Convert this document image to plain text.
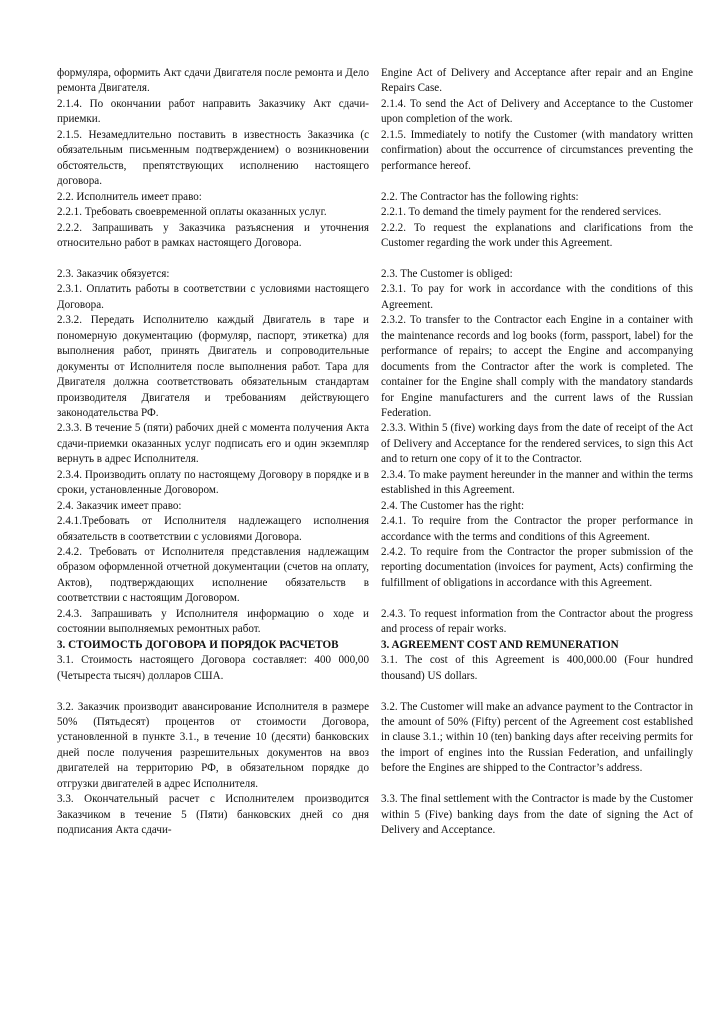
формуляра, оформить Акт сдачи Двигателя после ремонта и Дело ремонта Двигателя.

Engine Act of Delivery and Acceptance after repair and an Engine Repairs Case.

2.1.4. По окончании работ направить Заказчику Акт сдачи-приемки.

2.1.4. To send the Act of Delivery and Acceptance to the Customer upon completion of the work.

2.1.5. Незамедлительно поставить в известность Заказчика (с обязательным письменным подтверждением) о возникновении обстоятельств, препятствующих исполнению настоящего договора.

2.1.5. Immediately to notify the Customer (with mandatory written confirmation) about the occurrence of circumstances preventing the performance hereof.

2.2. Исполнитель имеет право:	2.2. The Contractor has the following rights:

2.2.1. Требовать своевременной оплаты оказанных услуг.	2.2.1. To demand the timely payment for the rendered services.

2.2.2. Запрашивать у Заказчика разъяснения и уточнения относительно работ в рамках настоящего Договора.

2.2.2. To request the explanations and clarifications from the Customer regarding the work under this Agreement.

2.3. Заказчик обязуется:	2.3. The Customer is obliged:

2.3.1. Оплатить работы в соответствии с условиями настоящего Договора.

2.3.1. To pay for work in accordance with the conditions of this Agreement.

2.3.2. Передать Исполнителю каждый Двигатель в таре и пономерную документацию (формуляр, паспорт, этикетка) для выполнения работ, принять Двигатель и сопроводительные документы от Исполнителя после выполнения работ. Тара для Двигателя должна соответствовать обязательным стандартам производителя Двигателя и требованиям действующего законодательства РФ.

2.3.2. To transfer to the Contractor each Engine in a container with the maintenance records and log books (form, passport, label) for the performance of repairs; to accept the Engine and accompanying documents from the Contractor after the work is completed. The container for the Engine shall comply with the mandatory standards for Engine manufacturers and the current laws of the Russian Federation.

2.3.3. В течение 5 (пяти) рабочих дней с момента получения Акта сдачи-приемки оказанных услуг подписать его и один экземпляр вернуть в адрес Исполнителя.

2.3.3. Within 5 (five) working days from the date of receipt of the Act of Delivery and Acceptance for the rendered services, to sign this Act and to return one copy of it to the Contractor.

2.3.4. Производить оплату по настоящему Договору в порядке и в сроки, установленные Договором.

2.3.4. To make payment hereunder in the manner and within the terms established in this Agreement.

2.4. Заказчик имеет право:	2.4. The Customer has the right:

2.4.1.Требовать от Исполнителя надлежащего исполнения обязательств в соответствии с условиями Договора.

2.4.1. To require from the Contractor the proper performance in accordance with the terms and conditions of this Agreement.

2.4.2. Требовать от Исполнителя представления надлежащим образом оформленной отчетной документации (счетов на оплату, Актов), подтверждающих исполнение обязательств в соответствии с настоящим Договором.

2.4.2. To require from the Contractor the proper submission of the reporting documentation (invoices for payment, Acts) confirming the fulfillment of obligations in accordance with this Agreement.

2.4.3. Запрашивать у Исполнителя информацию о ходе и состоянии выполняемых ремонтных работ.

2.4.3. To request information from the Contractor about the progress and process of repair works.

3. СТОИМОСТЬ ДОГОВОРА И ПОРЯДОК РАСЧЕТОВ	3. AGREEMENT COST AND REMUNERATION

3.1. Стоимость настоящего Договора составляет: 400 000,00 (Четыреста тысяч) долларов США.

3.1. The cost of this Agreement is 400,000.00 (Four hundred thousand) US dollars.

3.2. Заказчик производит авансирование Исполнителя в размере 50% (Пятьдесят) процентов от стоимости Договора, установленной в пункте 3.1., в течение 10 (десяти) банковских дней после получения разрешительных документов на ввоз двигателей на территорию РФ, в обязательном порядке до отгрузки двигателей в адрес Исполнителя.

3.2. The Customer will make an advance payment to the Contractor in the amount of 50% (Fifty) percent of the Agreement cost established in clause 3.1.; within 10 (ten) banking days after receiving permits for the import of engines into the Russian Federation, and unfailingly before the Engines are shipped to the Contractor’s address.

3.3. Окончательный расчет с Исполнителем производится Заказчиком в течение 5 (Пяти) банковских дней со дня подписания Акта сдачи-

3.3. The final settlement with the Contractor is made by the Customer within 5 (Five) banking days from the date of signing the Act of Delivery and Acceptance.
